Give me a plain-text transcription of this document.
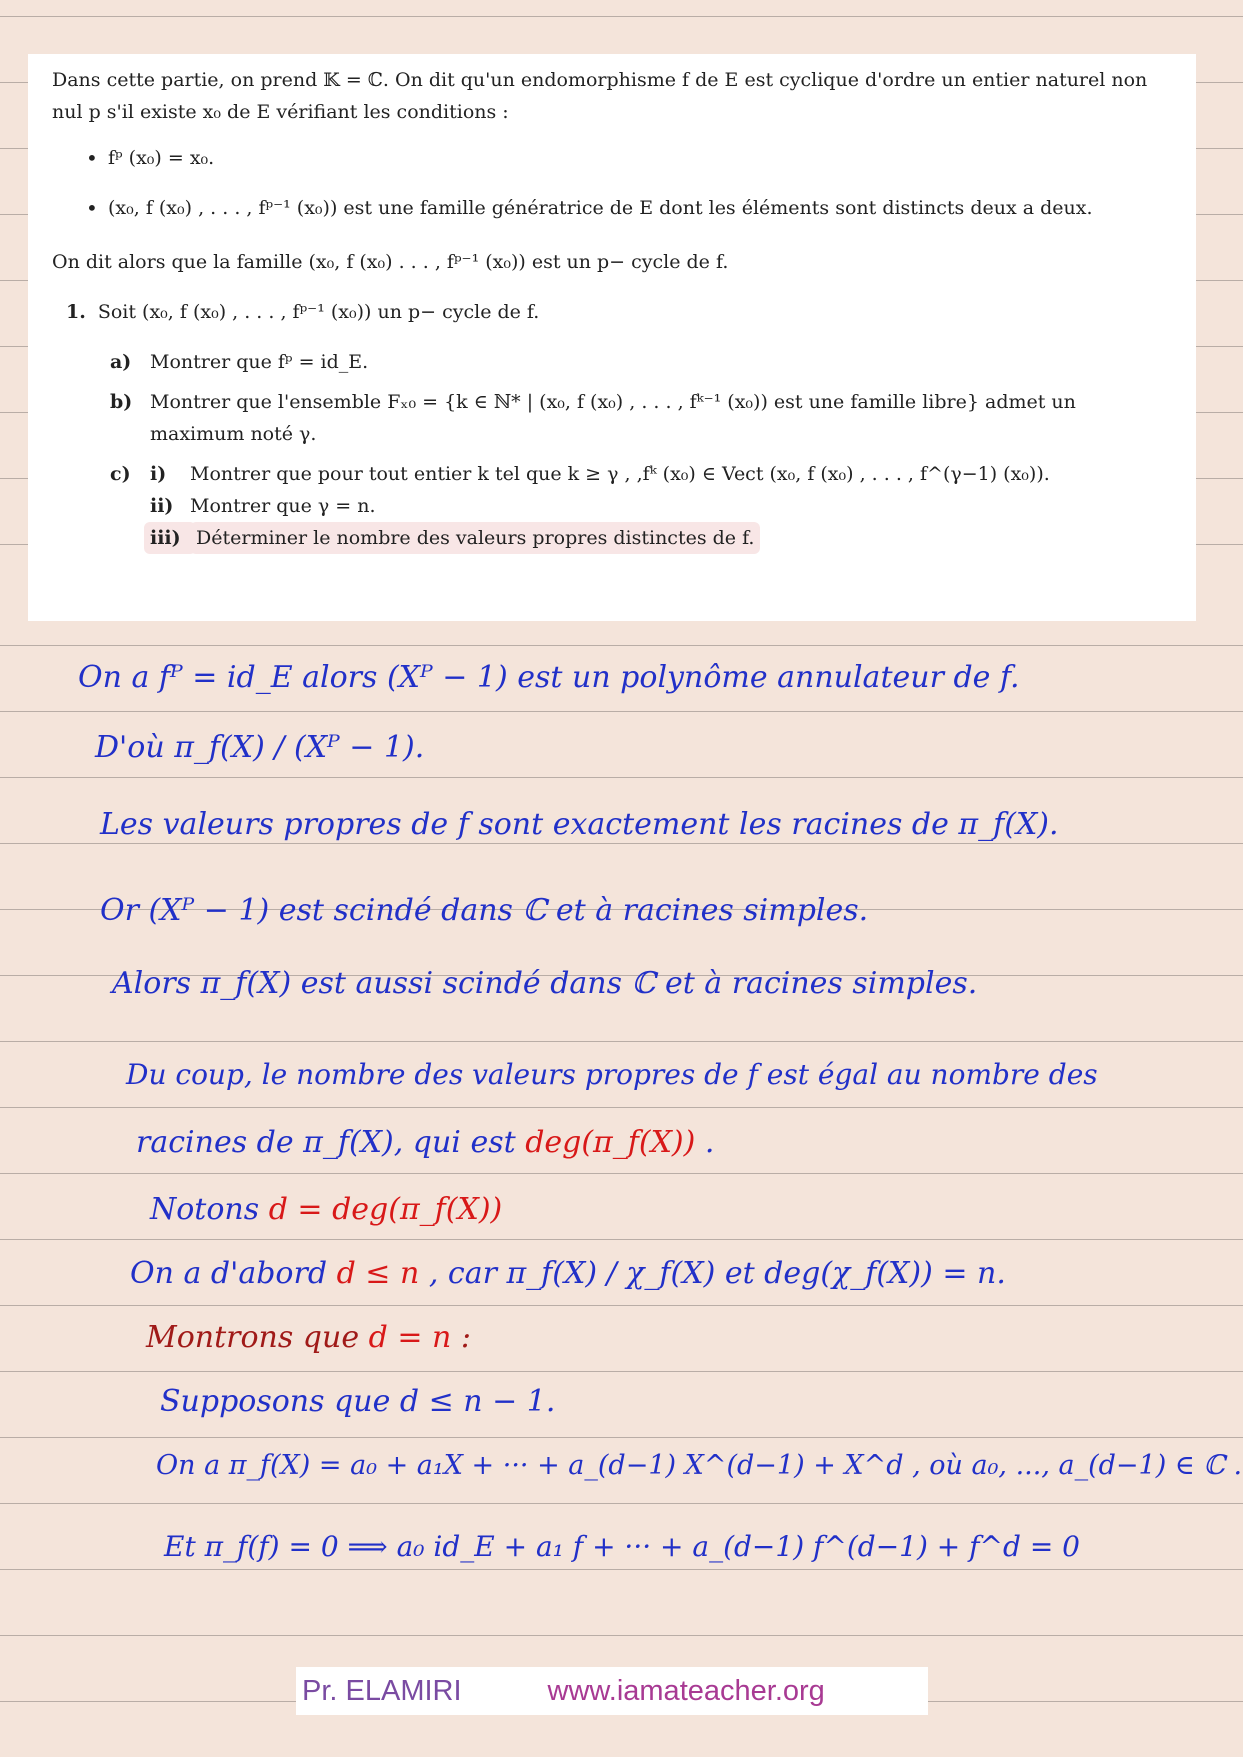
Dans cette partie, on prend 𝕂 = ℂ. On dit qu'un endomorphisme f de E est cyclique d'ordre un entier naturel non nul p s'il existe x₀ de E vérifiant les conditions :

• fᵖ (x₀) = x₀.
• (x₀, f (x₀) , . . . , fᵖ⁻¹ (x₀)) est une famille génératrice de E dont les éléments sont distincts deux a deux.

On dit alors que la famille (x₀, f (x₀) . . . , fᵖ⁻¹ (x₀)) est un p− cycle de f.

1. Soit (x₀, f (x₀) , . . . , fᵖ⁻¹ (x₀)) un p− cycle de f.
a) Montrer que fᵖ = id_E.
b) Montrer que l'ensemble Fₓ₀ = {k ∈ ℕ* | (x₀, f (x₀) , . . . , fᵏ⁻¹ (x₀)) est une famille libre} admet un maximum noté γ.
c)	i)	Montrer que pour tout entier k tel que k ≥ γ , ,fᵏ (x₀) ∈ Vect (x₀, f (x₀) , . . . , f^(γ−1) (x₀)).
ii) Montrer que γ = n.
iii) Déterminer le nombre des valeurs propres distinctes de f.
On a fᴾ = id_E alors (Xᴾ − 1) est un polynôme annulateur de f.
D'où π_f(X) / (Xᴾ − 1).
Les valeurs propres de f sont exactement les racines de π_f(X).
Or (Xᴾ − 1) est scindé dans ℂ et à racines simples.
Alors π_f(X) est aussi scindé dans ℂ et à racines simples.
Du coup, le nombre des valeurs propres de f est égal au nombre des
racines de π_f(X), qui est deg(π_f(X)) .
Notons d = deg(π_f(X))
On a d'abord d ≤ n , car π_f(X) / χ_f(X) et deg(χ_f(X)) = n.
Montrons que d = n :
Supposons que d ≤ n − 1.
On a π_f(X) = a₀ + a₁X + ··· + a_(d−1) X^(d−1) + X^d , où a₀, ..., a_(d−1) ∈ ℂ .
Et π_f(f) = 0 ⟹ a₀ id_E + a₁ f + ··· + a_(d−1) f^(d−1) + f^d = 0
Pr. ELAMIRI	www.iamateacher.org
